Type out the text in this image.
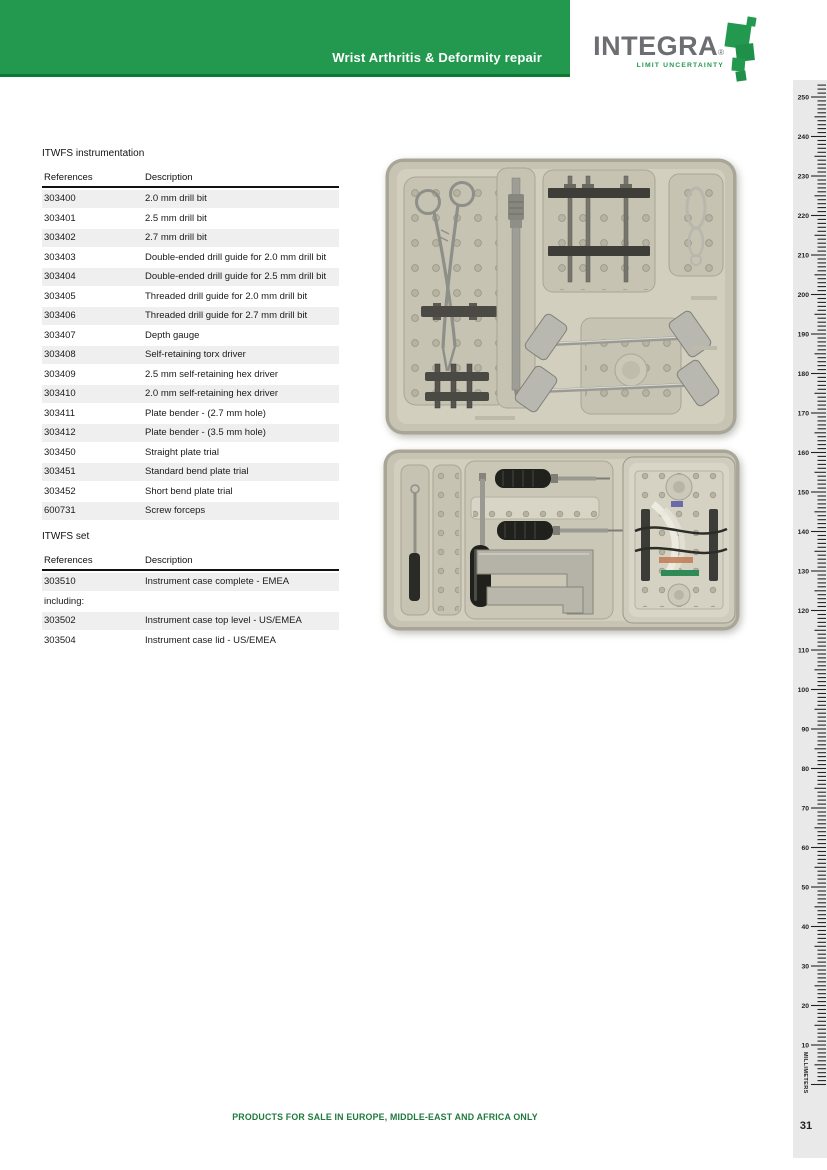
Wrist Arthritis & Deformity repair INTEGRA®
LIMIT UNCERTAINTY
ITWFS instrumentation
References	Description
303400	2.0 mm drill bit
303401	2.5 mm drill bit
303402	2.7 mm drill bit
303403	Double-ended drill guide for 2.0 mm drill bit
303404	Double-ended drill guide for 2.5 mm drill bit
303405	Threaded drill guide for 2.0 mm drill bit
303406	Threaded drill guide for 2.7 mm drill bit
303407	Depth gauge
303408	Self-retaining torx driver
303409	2.5 mm self-retaining hex driver
303410	2.0 mm self-retaining hex driver
303411	Plate bender - (2.7 mm hole)
303412	Plate bender - (3.5 mm hole)
303450	Straight plate trial
303451	Standard bend plate trial
303452	Short bend plate trial
600731	Screw forceps
ITWFS set
References	Description
303510	Instrument case complete - EMEA
including:
303502	Instrument case top level - US/EMEA
303504	Instrument case lid - US/EMEA
250
240
230
220
210
200
190
180
170
160
150
140
130
120
110
100
90
80
70
60
50
40
30
20
10
MILLIMETERS
31
PRODUCTS FOR SALE IN EUROPE, MIDDLE-EAST AND AFRICA ONLY
